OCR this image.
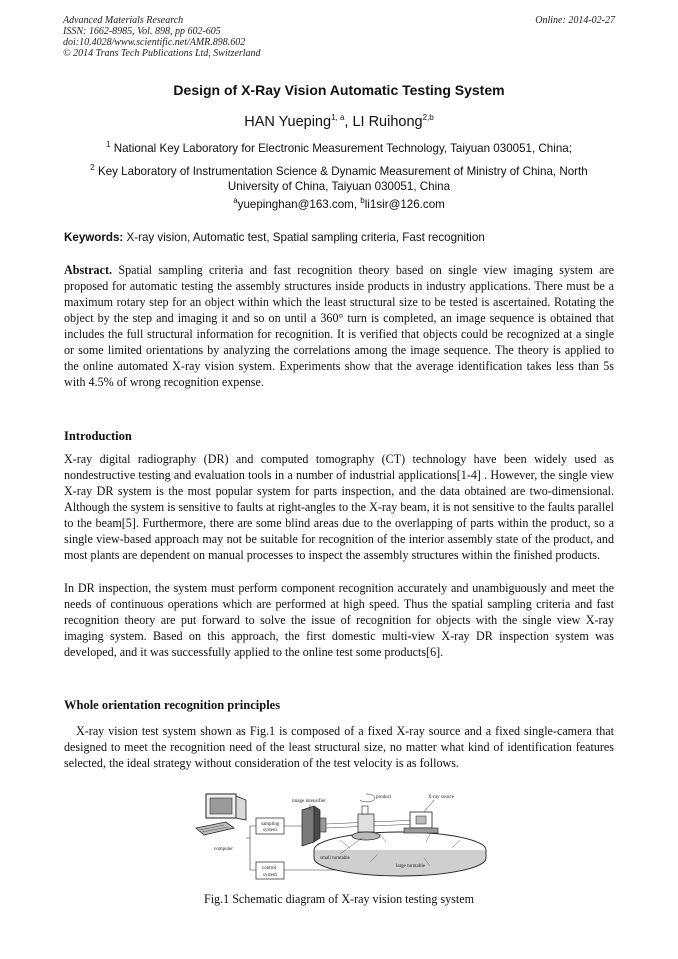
Advanced Materials Research
ISSN: 1662-8985, Vol. 898, pp 602-605
doi:10.4028/www.scientific.net/AMR.898.602
© 2014 Trans Tech Publications Ltd, Switzerland
Online: 2014-02-27
Design of X-Ray Vision Automatic Testing System
HAN Yueping$^{1, a}$, LI Ruihong$^{2,b}$
$^1$ National Key Laboratory for Electronic Measurement Technology, Taiyuan 030051, China;
$^2$ Key Laboratory of Instrumentation Science & Dynamic Measurement of Ministry of China, North University of China, Taiyuan 030051, China
$^a$yuepinghan@163.com, $^b$li1sir@126.com
Keywords: X-ray vision, Automatic test, Spatial sampling criteria, Fast recognition
Abstract. Spatial sampling criteria and fast recognition theory based on single view imaging system are proposed for automatic testing the assembly structures inside products in industry applications. There must be a maximum rotary step for an object within which the least structural size to be tested is ascertained. Rotating the object by the step and imaging it and so on until a 360° turn is completed, an image sequence is obtained that includes the full structural information for recognition. It is verified that objects could be recognized at a single or some limited orientations by analyzing the correlations among the image sequence. The theory is applied to the online automated X-ray vision system. Experiments show that the average identification takes less than 5s with 4.5% of wrong recognition expense.
Introduction
X-ray digital radiography (DR) and computed tomography (CT) technology have been widely used as nondestructive testing and evaluation tools in a number of industrial applications[1-4] . However, the single view X-ray DR system is the most popular system for parts inspection, and the data obtained are two-dimensional. Although the system is sensitive to faults at right-angles to the X-ray beam, it is not sensitive to the faults parallel to the beam[5]. Furthermore, there are some blind areas due to the overlapping of parts within the product, so a single view-based approach may not be suitable for recognition of the interior assembly state of the product, and most plants are dependent on manual processes to inspect the assembly structures within the finished products.
In DR inspection, the system must perform component recognition accurately and unambiguously and meet the needs of continuous operations which are performed at high speed. Thus the spatial sampling criteria and fast recognition theory are put forward to solve the issue of recognition for objects with the single view X-ray imaging system. Based on this approach, the first domestic multi-view X-ray DR inspection system was developed, and it was successfully applied to the online test some products[6].
Whole orientation recognition principles
X-ray vision test system shown as Fig.1 is composed of a fixed X-ray source and a fixed single-camera that designed to meet the recognition need of the least structural size, no matter what kind of identification features selected, the ideal strategy without consideration of the test velocity is as follows.
computer
sampling
system
control
system
image intensifier
large turntable
product
small turntable
X-ray source
Fig.1 Schematic diagram of X-ray vision testing system
